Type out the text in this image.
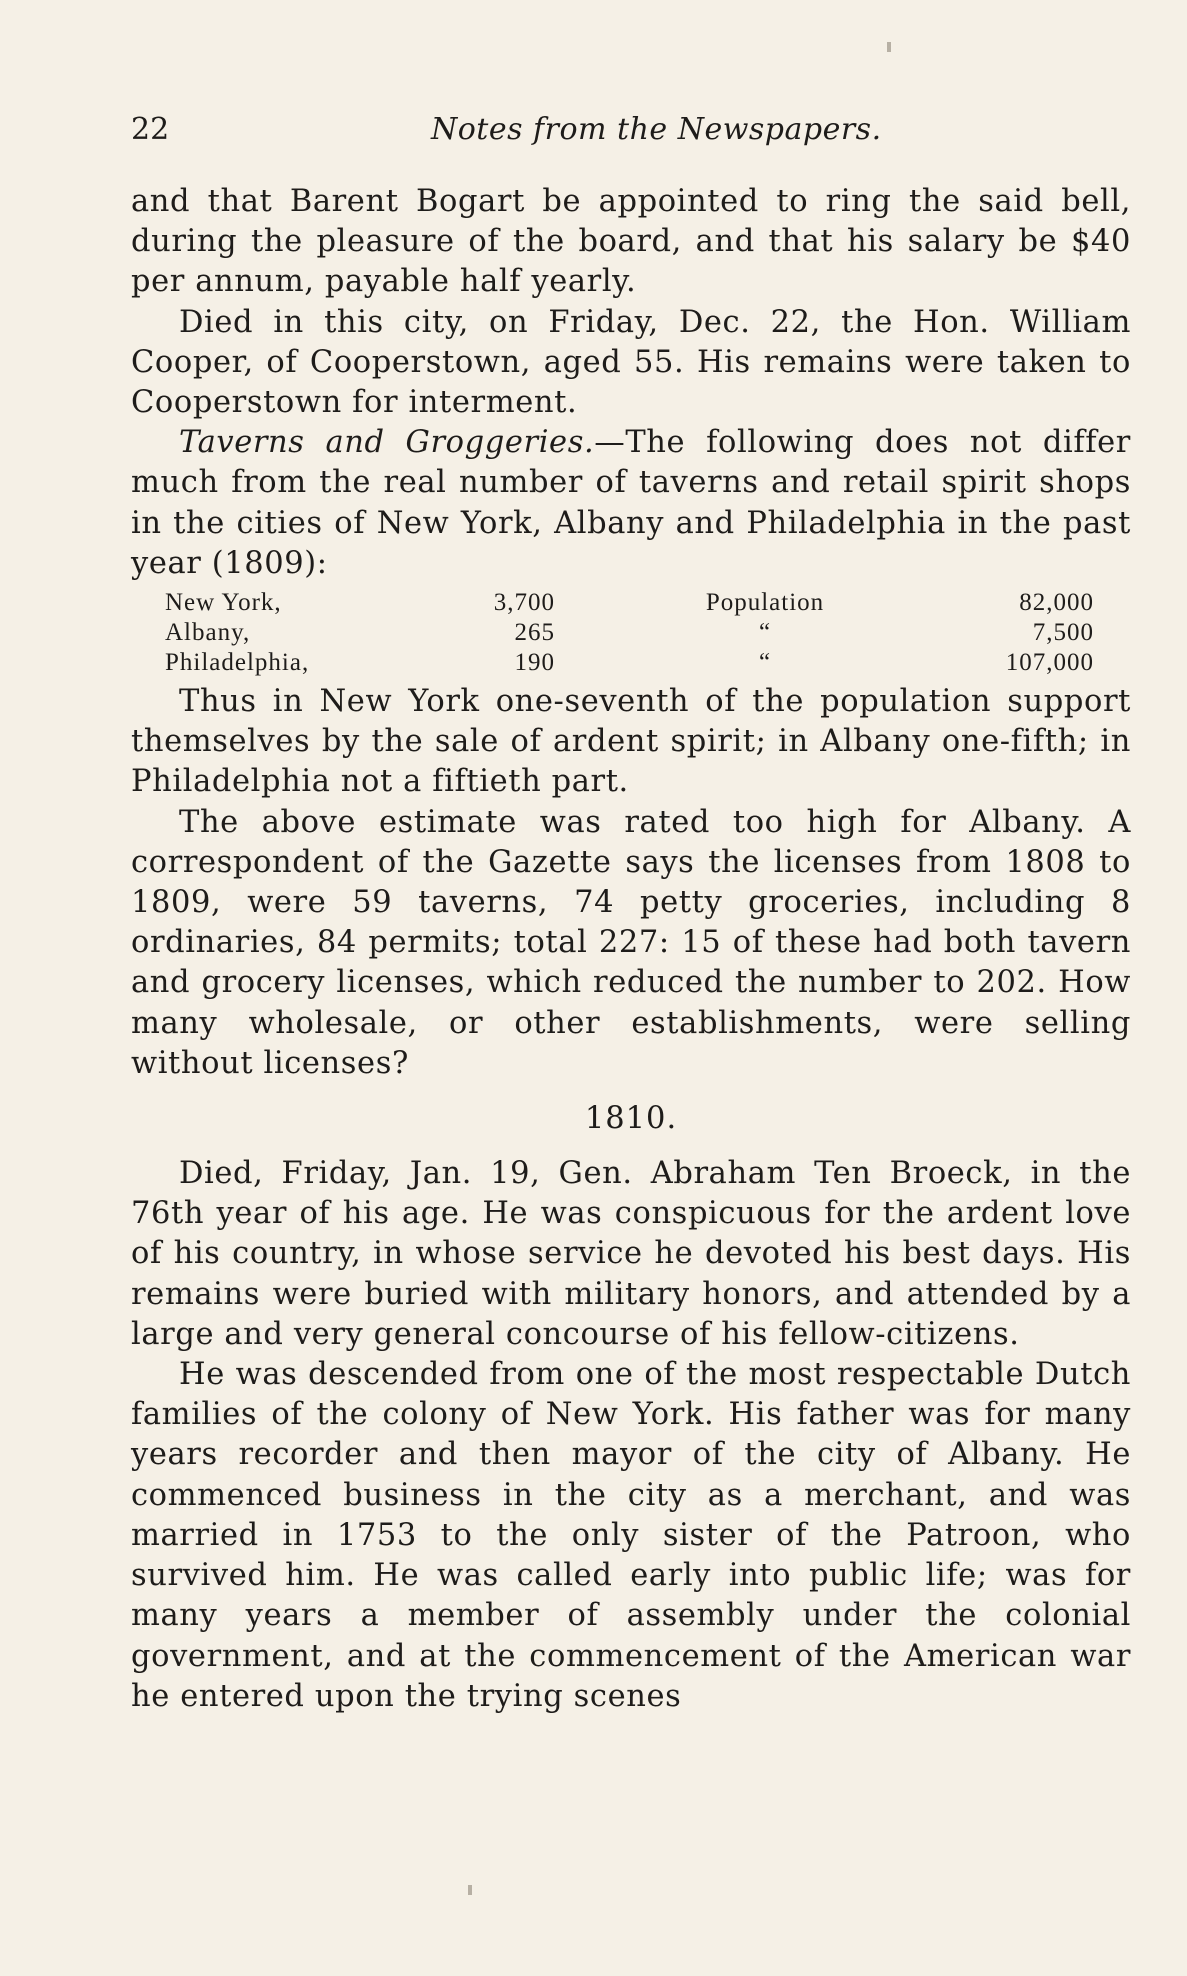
22	Notes from the Newspapers.

and that Barent Bogart be appointed to ring the said bell, during the pleasure of the board, and that his salary be $40 per annum, payable half yearly.

Died in this city, on Friday, Dec. 22, the Hon. William Cooper, of Cooperstown, aged 55. His remains were taken to Cooperstown for interment.

Taverns and Groggeries.—The following does not differ much from the real number of taverns and retail spirit shops in the cities of New York, Albany and Philadelphia in the past year (1809):

New York,	3,700	Population	82,000
Albany,	265	“	7,500
Philadelphia,	190	“	107,000

Thus in New York one-seventh of the population support themselves by the sale of ardent spirit; in Albany one-fifth; in Philadelphia not a fiftieth part.

The above estimate was rated too high for Albany. A correspondent of the Gazette says the licenses from 1808 to 1809, were 59 taverns, 74 petty groceries, including 8 ordinaries, 84 permits; total 227: 15 of these had both tavern and grocery licenses, which reduced the number to 202. How many wholesale, or other establishments, were selling without licenses?

1810.

Died, Friday, Jan. 19, Gen. Abraham Ten Broeck, in the 76th year of his age. He was conspicuous for the ardent love of his country, in whose service he devoted his best days. His remains were buried with military honors, and attended by a large and very general concourse of his fellow-citizens.

He was descended from one of the most respectable Dutch families of the colony of New York. His father was for many years recorder and then mayor of the city of Albany. He commenced business in the city as a merchant, and was married in 1753 to the only sister of the Patroon, who survived him. He was called early into public life; was for many years a member of assembly under the colonial government, and at the commencement of the American war he entered upon the trying scenes
